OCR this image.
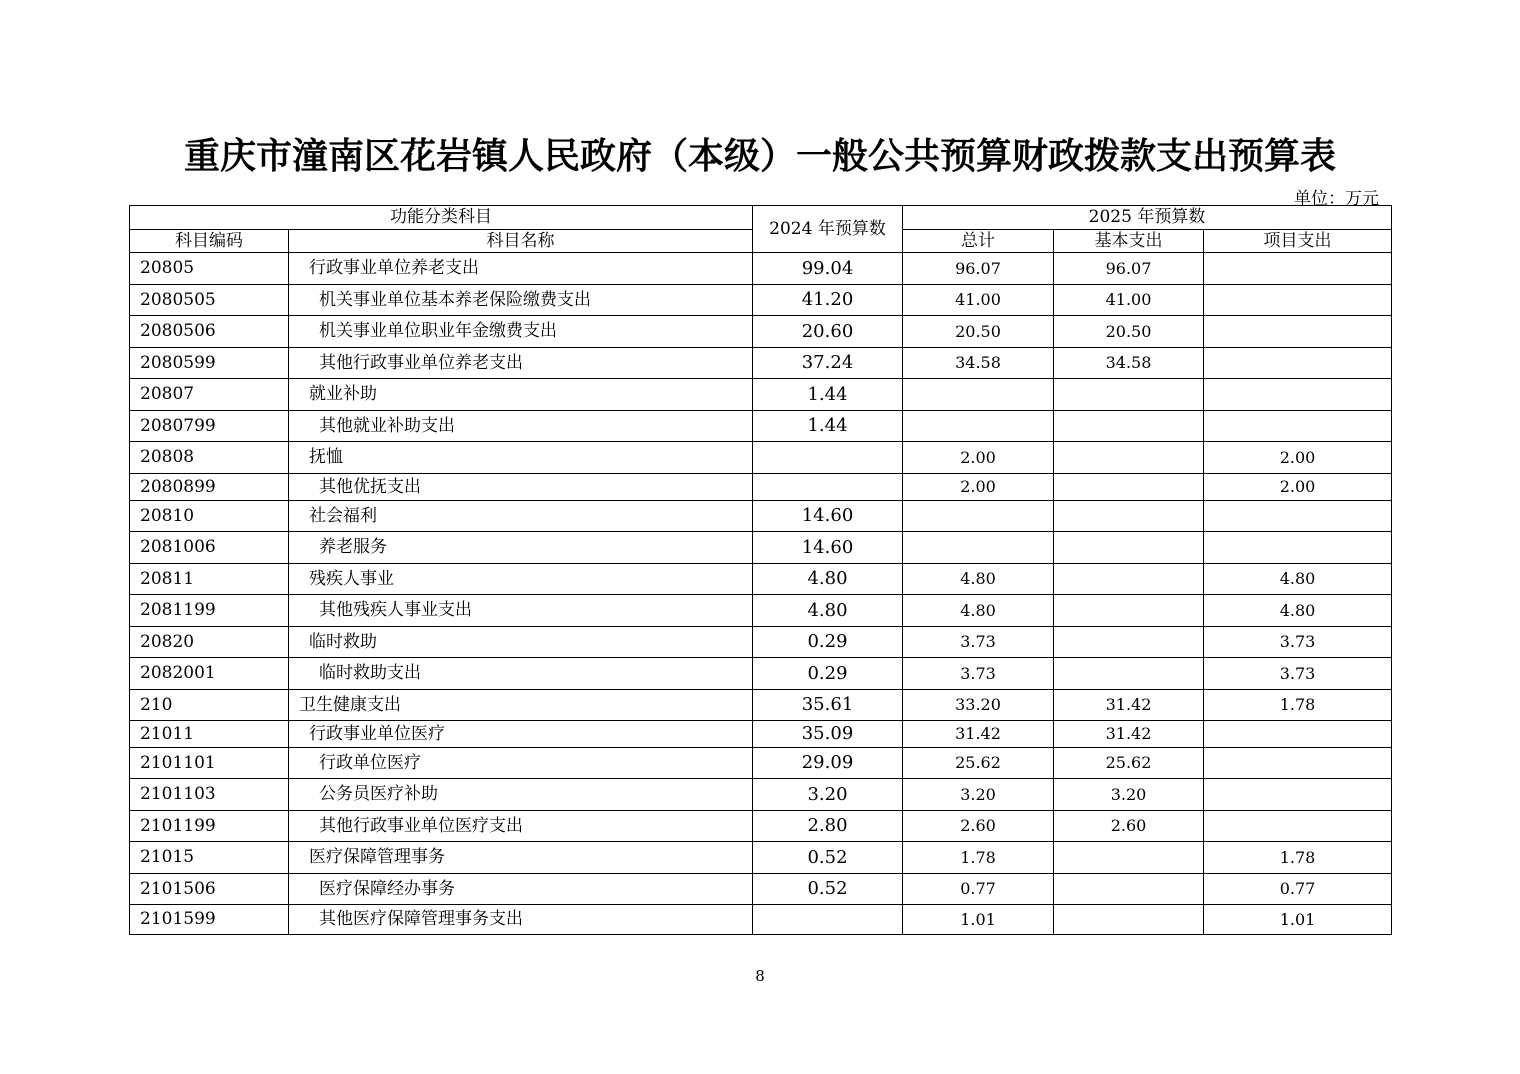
重庆市潼南区花岩镇人民政府（本级）一般公共预算财政拨款支出预算表
单位：万元
功能分类科目		2024 年预算数	2025 年预算数		
科目编码	科目名称		总计	基本支出	项目支出
20805	行政事业单位养老支出	99.04	96.07	96.07	
2080505	机关事业单位基本养老保险缴费支出	41.20	41.00	41.00	
2080506	机关事业单位职业年金缴费支出	20.60	20.50	20.50	
2080599	其他行政事业单位养老支出	37.24	34.58	34.58	
20807	就业补助	1.44			
2080799	其他就业补助支出	1.44			
20808	抚恤		2.00		2.00
2080899	其他优抚支出		2.00		2.00
20810	社会福利	14.60			
2081006	养老服务	14.60			
20811	残疾人事业	4.80	4.80		4.80
2081199	其他残疾人事业支出	4.80	4.80		4.80
20820	临时救助	0.29	3.73		3.73
2082001	临时救助支出	0.29	3.73		3.73
210	卫生健康支出	35.61	33.20	31.42	1.78
21011	行政事业单位医疗	35.09	31.42	31.42	
2101101	行政单位医疗	29.09	25.62	25.62	
2101103	公务员医疗补助	3.20	3.20	3.20	
2101199	其他行政事业单位医疗支出	2.80	2.60	2.60	
21015	医疗保障管理事务	0.52	1.78		1.78
2101506	医疗保障经办事务	0.52	0.77		0.77
2101599	其他医疗保障管理事务支出		1.01		1.01
8
